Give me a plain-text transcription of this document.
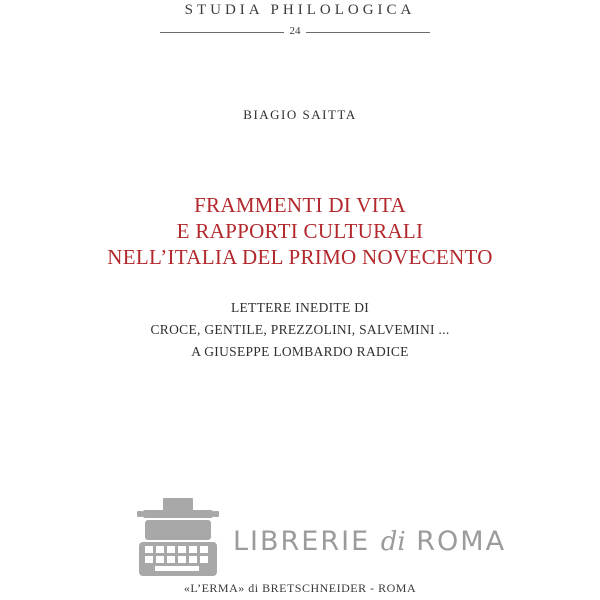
STUDIA PHILOLOGICA
24
BIAGIO SAITTA
FRAMMENTI DI VITA
E RAPPORTI CULTURALI
NELL’ITALIA DEL PRIMO NOVECENTO
LETTERE INEDITE DI
CROCE, GENTILE, PREZZOLINI, SALVEMINI ...
A GIUSEPPE LOMBARDO RADICE
LIBRERIE di ROMA
«L’ERMA» di BRETSCHNEIDER - ROMA
